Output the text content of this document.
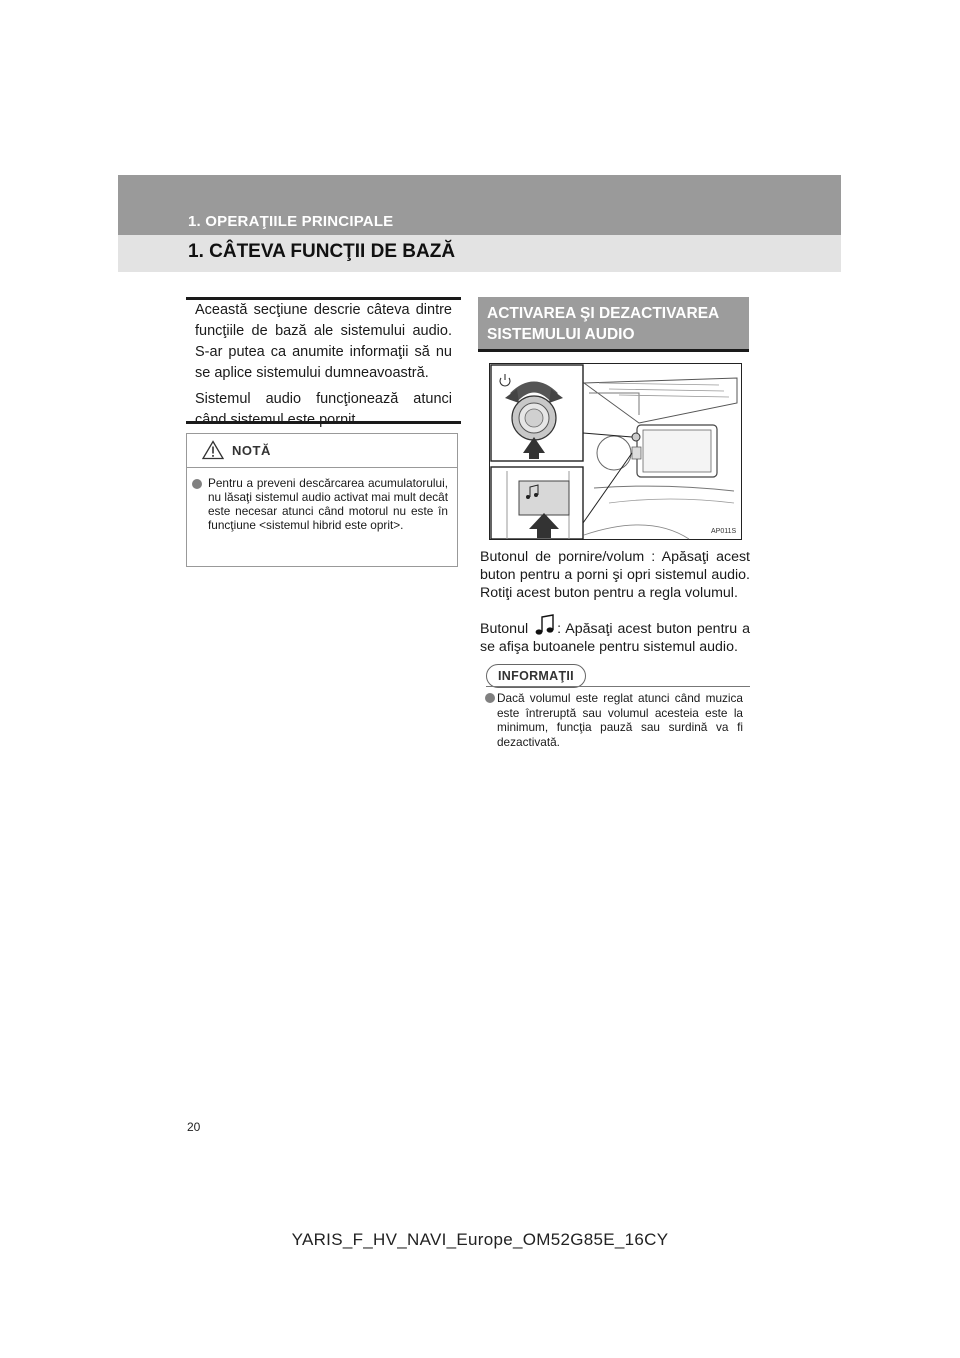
1. OPERAŢIILE PRINCIPALE
1. CÂTEVA FUNCŢII DE BAZĂ

Această secţiune descrie câteva dintre funcţiile de bază ale sistemului audio. S-ar putea ca anumite informaţii să nu se aplice sistemului dumneavoastră.

Sistemul audio funcţionează atunci când sistemul este pornit.

NOTĂ
Pentru a preveni descărcarea acumulatorului, nu lăsaţi sistemul audio activat mai mult decât este necesar atunci când motorul nu este în funcţiune <sistemul hibrid este oprit>.
ACTIVAREA ŞI DEZACTIVAREA SISTEMULUI AUDIO
AP011S

Butonul de pornire/volum : Apăsaţi acest buton pentru a porni şi opri sistemul audio. Rotiţi acest buton pentru a regla volumul.

Butonul : Apăsaţi acest buton pentru a se afişa butoanele pentru sistemul audio.

INFORMAŢII
Dacă volumul este reglat atunci când muzica este întreruptă sau volumul acesteia este la minimum, funcţia pauză sau surdină va fi dezactivată.
20
YARIS_F_HV_NAVI_Europe_OM52G85E_16CY
